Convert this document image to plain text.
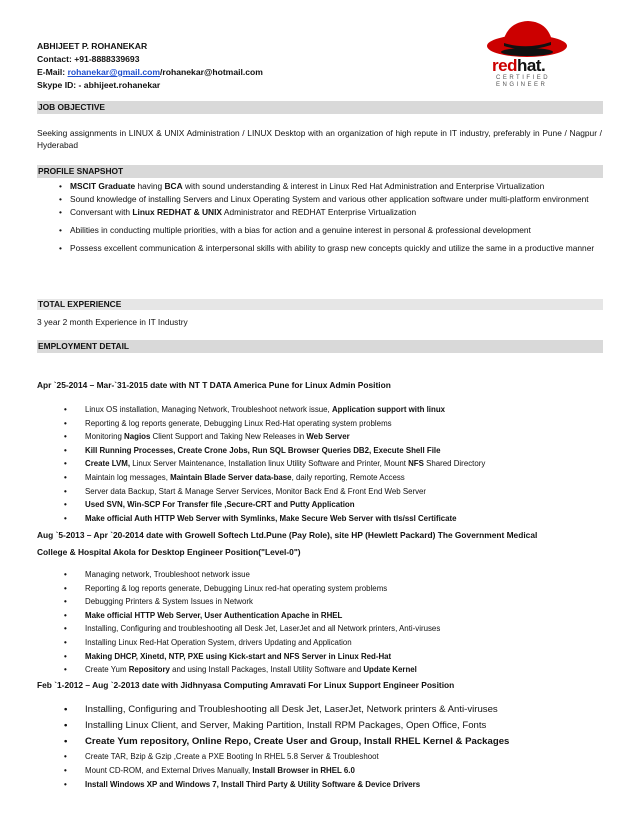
ABHIJEET P. ROHANEKAR
Contact: +91-8888339693
E-Mail: rohanekar@gmail.com/rohanekar@hotmail.com
Skype ID: - abhijeet.rohanekar
redhat.
CERTIFIED
ENGINEER
JOB OBJECTIVE
Seeking assignments in LINUX & UNIX Administration / LINUX Desktop with an organization of high repute in IT industry, preferably in Pune / Nagpur / Hyderabad
PROFILE SNAPSHOT
• MSCIT Graduate having BCA with sound understanding & interest in Linux Red Hat Administration and Enterprise Virtualization
• Sound knowledge of installing Servers and Linux Operating System and various other application software under multi-platform environment
• Conversant with Linux REDHAT & UNIX Administrator and REDHAT Enterprise Virtualization
• Abilities in conducting multiple priorities, with a bias for action and a genuine interest in personal & professional development
• Possess excellent communication & interpersonal skills with ability to grasp new concepts quickly and utilize the same in a productive manner
TOTAL EXPERIENCE
3 year 2 month Experience in IT Industry
EMPLOYMENT DETAIL
Apr `25-2014 – Mar-`31-2015 date with NT T DATA America Pune for Linux Admin Position
• Linux OS installation, Managing Network, Troubleshoot network issue, Application support with linux
• Reporting & log reports generate, Debugging Linux Red-Hat operating system problems
• Monitoring Nagios Client Support and Taking New Releases in Web Server
• Kill Running Processes, Create Crone Jobs, Run SQL Browser Queries DB2, Execute Shell File
• Create LVM, Linux Server Maintenance, Installation linux Utility Software and Printer, Mount NFS Shared Directory
• Maintain log messages, Maintain Blade Server data-base, daily reporting, Remote Access
• Server data Backup, Start & Manage Server Services, Monitor Back End & Front End Web Server
• Used SVN, Win-SCP For Transfer file ,Secure-CRT and Putty Application
• Make official Auth HTTP Web Server with Symlinks, Make Secure Web Server with tls/ssl Certificate
Aug `5-2013 – Apr `20-2014 date with Growell Softech Ltd.Pune (Pay Role), site HP (Hewlett Packard) The Government Medical
College & Hospital Akola for Desktop Engineer Position("Level-0")
• Managing network, Troubleshoot network issue
• Reporting & log reports generate, Debugging Linux red-hat operating system problems
• Debugging Printers & System Issues in Network
• Make official HTTP Web Server, User Authentication Apache in RHEL
• Installing, Configuring and troubleshooting all Desk Jet, LaserJet and all Network printers, Anti-viruses
• Installing Linux Red-Hat Operation System, drivers Updating and Application
• Making DHCP, Xinetd, NTP, PXE using Kick-start and NFS Server in Linux Red-Hat
• Create Yum Repository and using Install Packages, Install Utility Software and Update Kernel
Feb `1-2012 – Aug `2-2013 date with Jidhnyasa Computing Amravati For Linux Support Engineer Position
• Installing, Configuring and Troubleshooting all Desk Jet, LaserJet, Network printers & Anti-viruses
• Installing Linux Client, and Server, Making Partition, Install RPM Packages, Open Office, Fonts
• Create Yum repository, Online Repo, Create User and Group, Install RHEL Kernel & Packages
• Create TAR, Bzip & Gzip ,Create a PXE Booting In RHEL 5.8 Server & Troubleshoot
• Mount CD-ROM, and External Drives Manually, Install Browser in RHEL 6.0
• Install Windows XP and Windows 7, Install Third Party & Utility Software & Device Drivers
